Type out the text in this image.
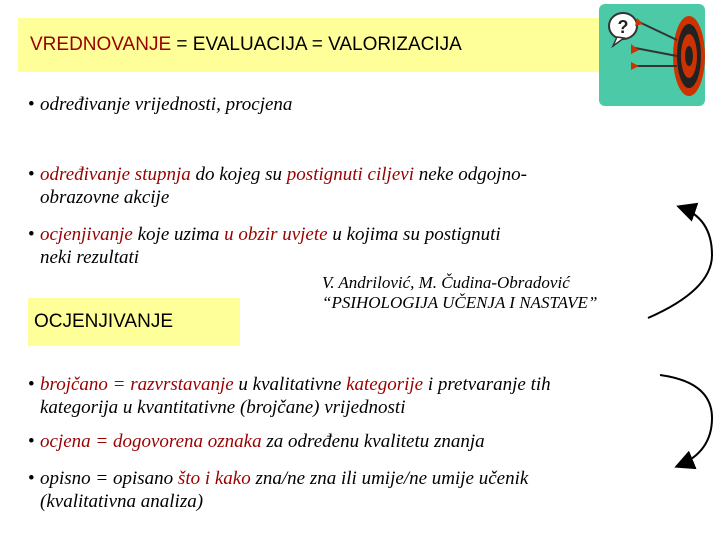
VREDNOVANJE = EVALUACIJA = VALORIZACIJA
?
• određivanje vrijednosti, procjena
• određivanje stupnja do kojeg su postignuti ciljevi neke odgojno-
obrazovne akcije
• ocjenjivanje koje uzima u obzir uvjete u kojima su postignuti
neki rezultati
V. Andrilović, M. Čudina-Obradović
“PSIHOLOGIJA UČENJA I NASTAVE”
OCJENJIVANJE
• brojčano = razvrstavanje u kvalitativne kategorije i pretvaranje tih
kategorija u kvantitativne (brojčane) vrijednosti
• ocjena = dogovorena oznaka za određenu kvalitetu znanja
• opisno = opisano što i kako zna/ne zna ili umije/ne umije učenik
(kvalitativna analiza)
